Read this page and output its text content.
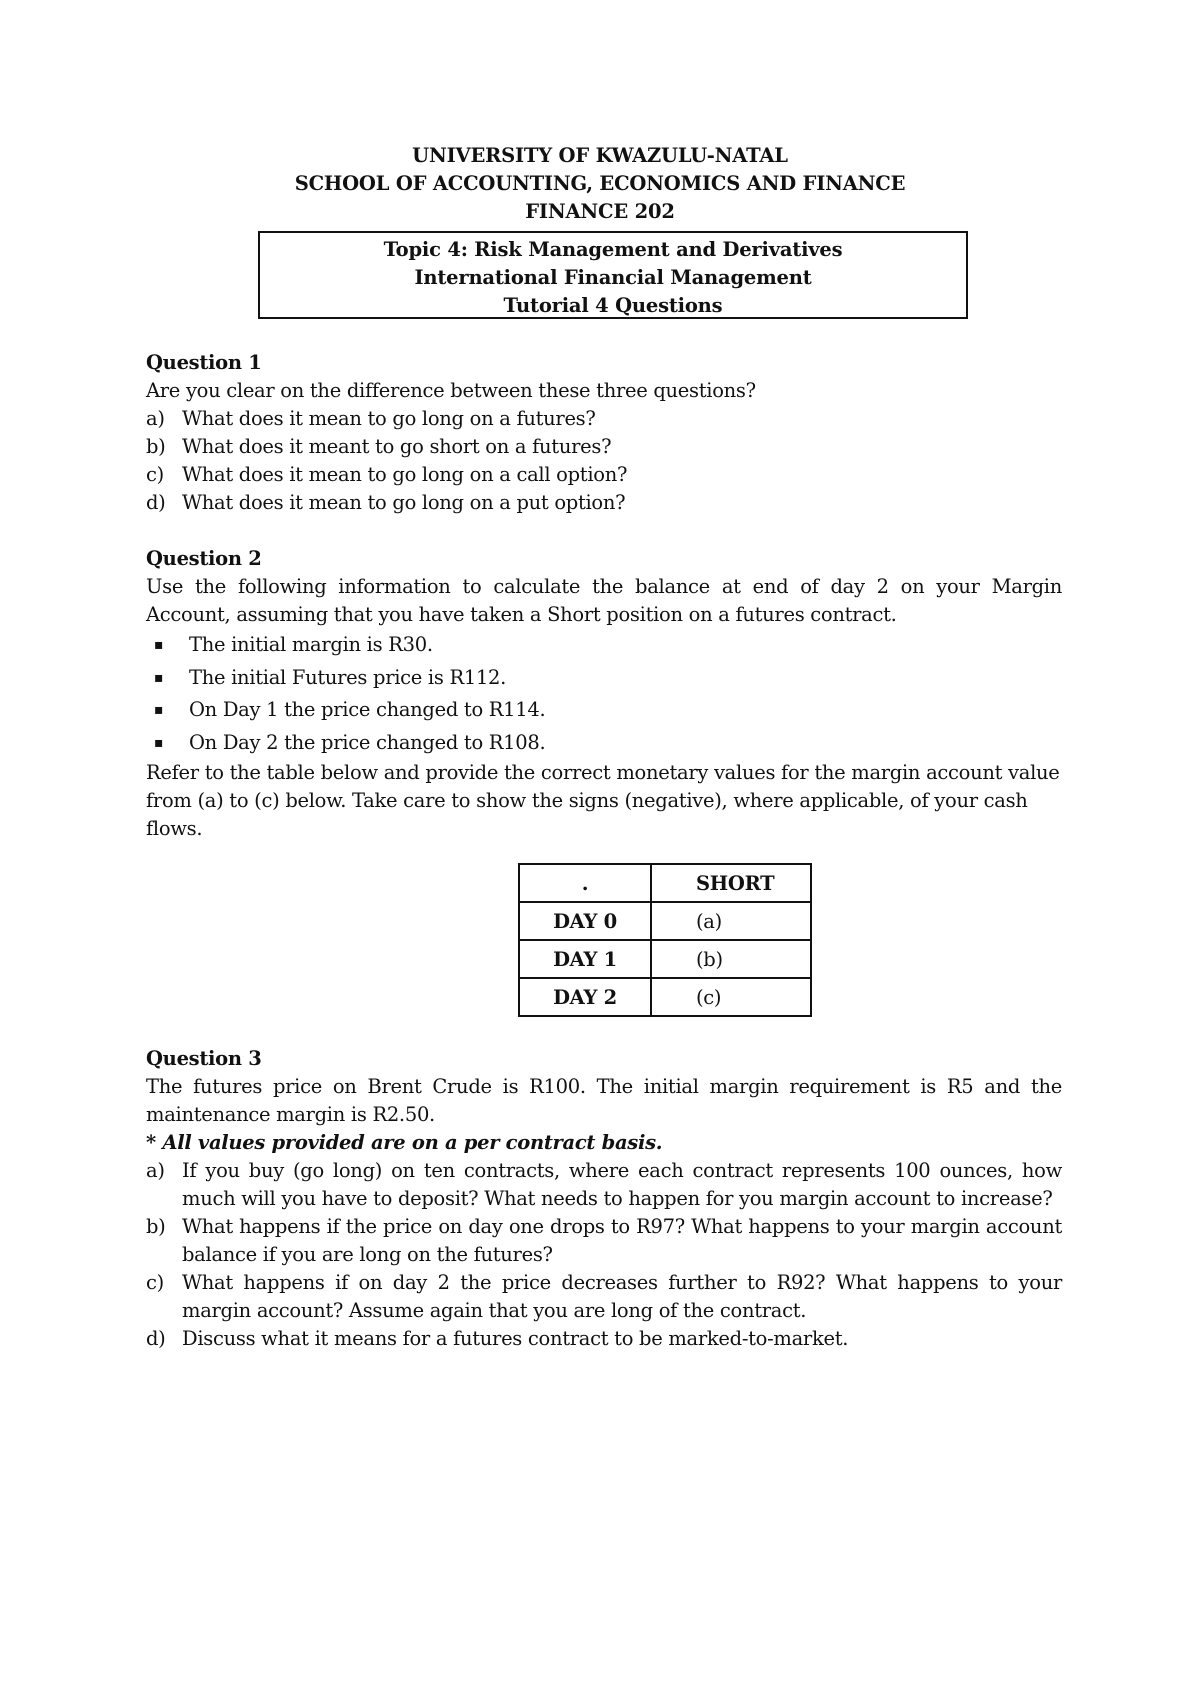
UNIVERSITY OF KWAZULU-NATAL
SCHOOL OF ACCOUNTING, ECONOMICS AND FINANCE
FINANCE 202
Topic 4: Risk Management and Derivatives
International Financial Management
Tutorial 4 Questions
Question 1
Are you clear on the difference between these three questions?
a) What does it mean to go long on a futures?
b) What does it meant to go short on a futures?
c) What does it mean to go long on a call option?
d) What does it mean to go long on a put option?
Question 2
Use the following information to calculate the balance at end of day 2 on your Margin Account, assuming that you have taken a Short position on a futures contract.
▪ The initial margin is R30.
▪ The initial Futures price is R112.
▪ On Day 1 the price changed to R114.
▪ On Day 2 the price changed to R108.
Refer to the table below and provide the correct monetary values for the margin account value from (a) to (c) below. Take care to show the signs (negative), where applicable, of your cash flows.
.	SHORT
DAY 0	(a)
DAY 1	(b)
DAY 2	(c)
Question 3
The futures price on Brent Crude is R100. The initial margin requirement is R5 and the maintenance margin is R2.50.
* All values provided are on a per contract basis.
a) If you buy (go long) on ten contracts, where each contract represents 100 ounces, how much will you have to deposit? What needs to happen for you margin account to increase?
b) What happens if the price on day one drops to R97? What happens to your margin account balance if you are long on the futures?
c) What happens if on day 2 the price decreases further to R92? What happens to your margin account? Assume again that you are long of the contract.
d) Discuss what it means for a futures contract to be marked-to-market.
